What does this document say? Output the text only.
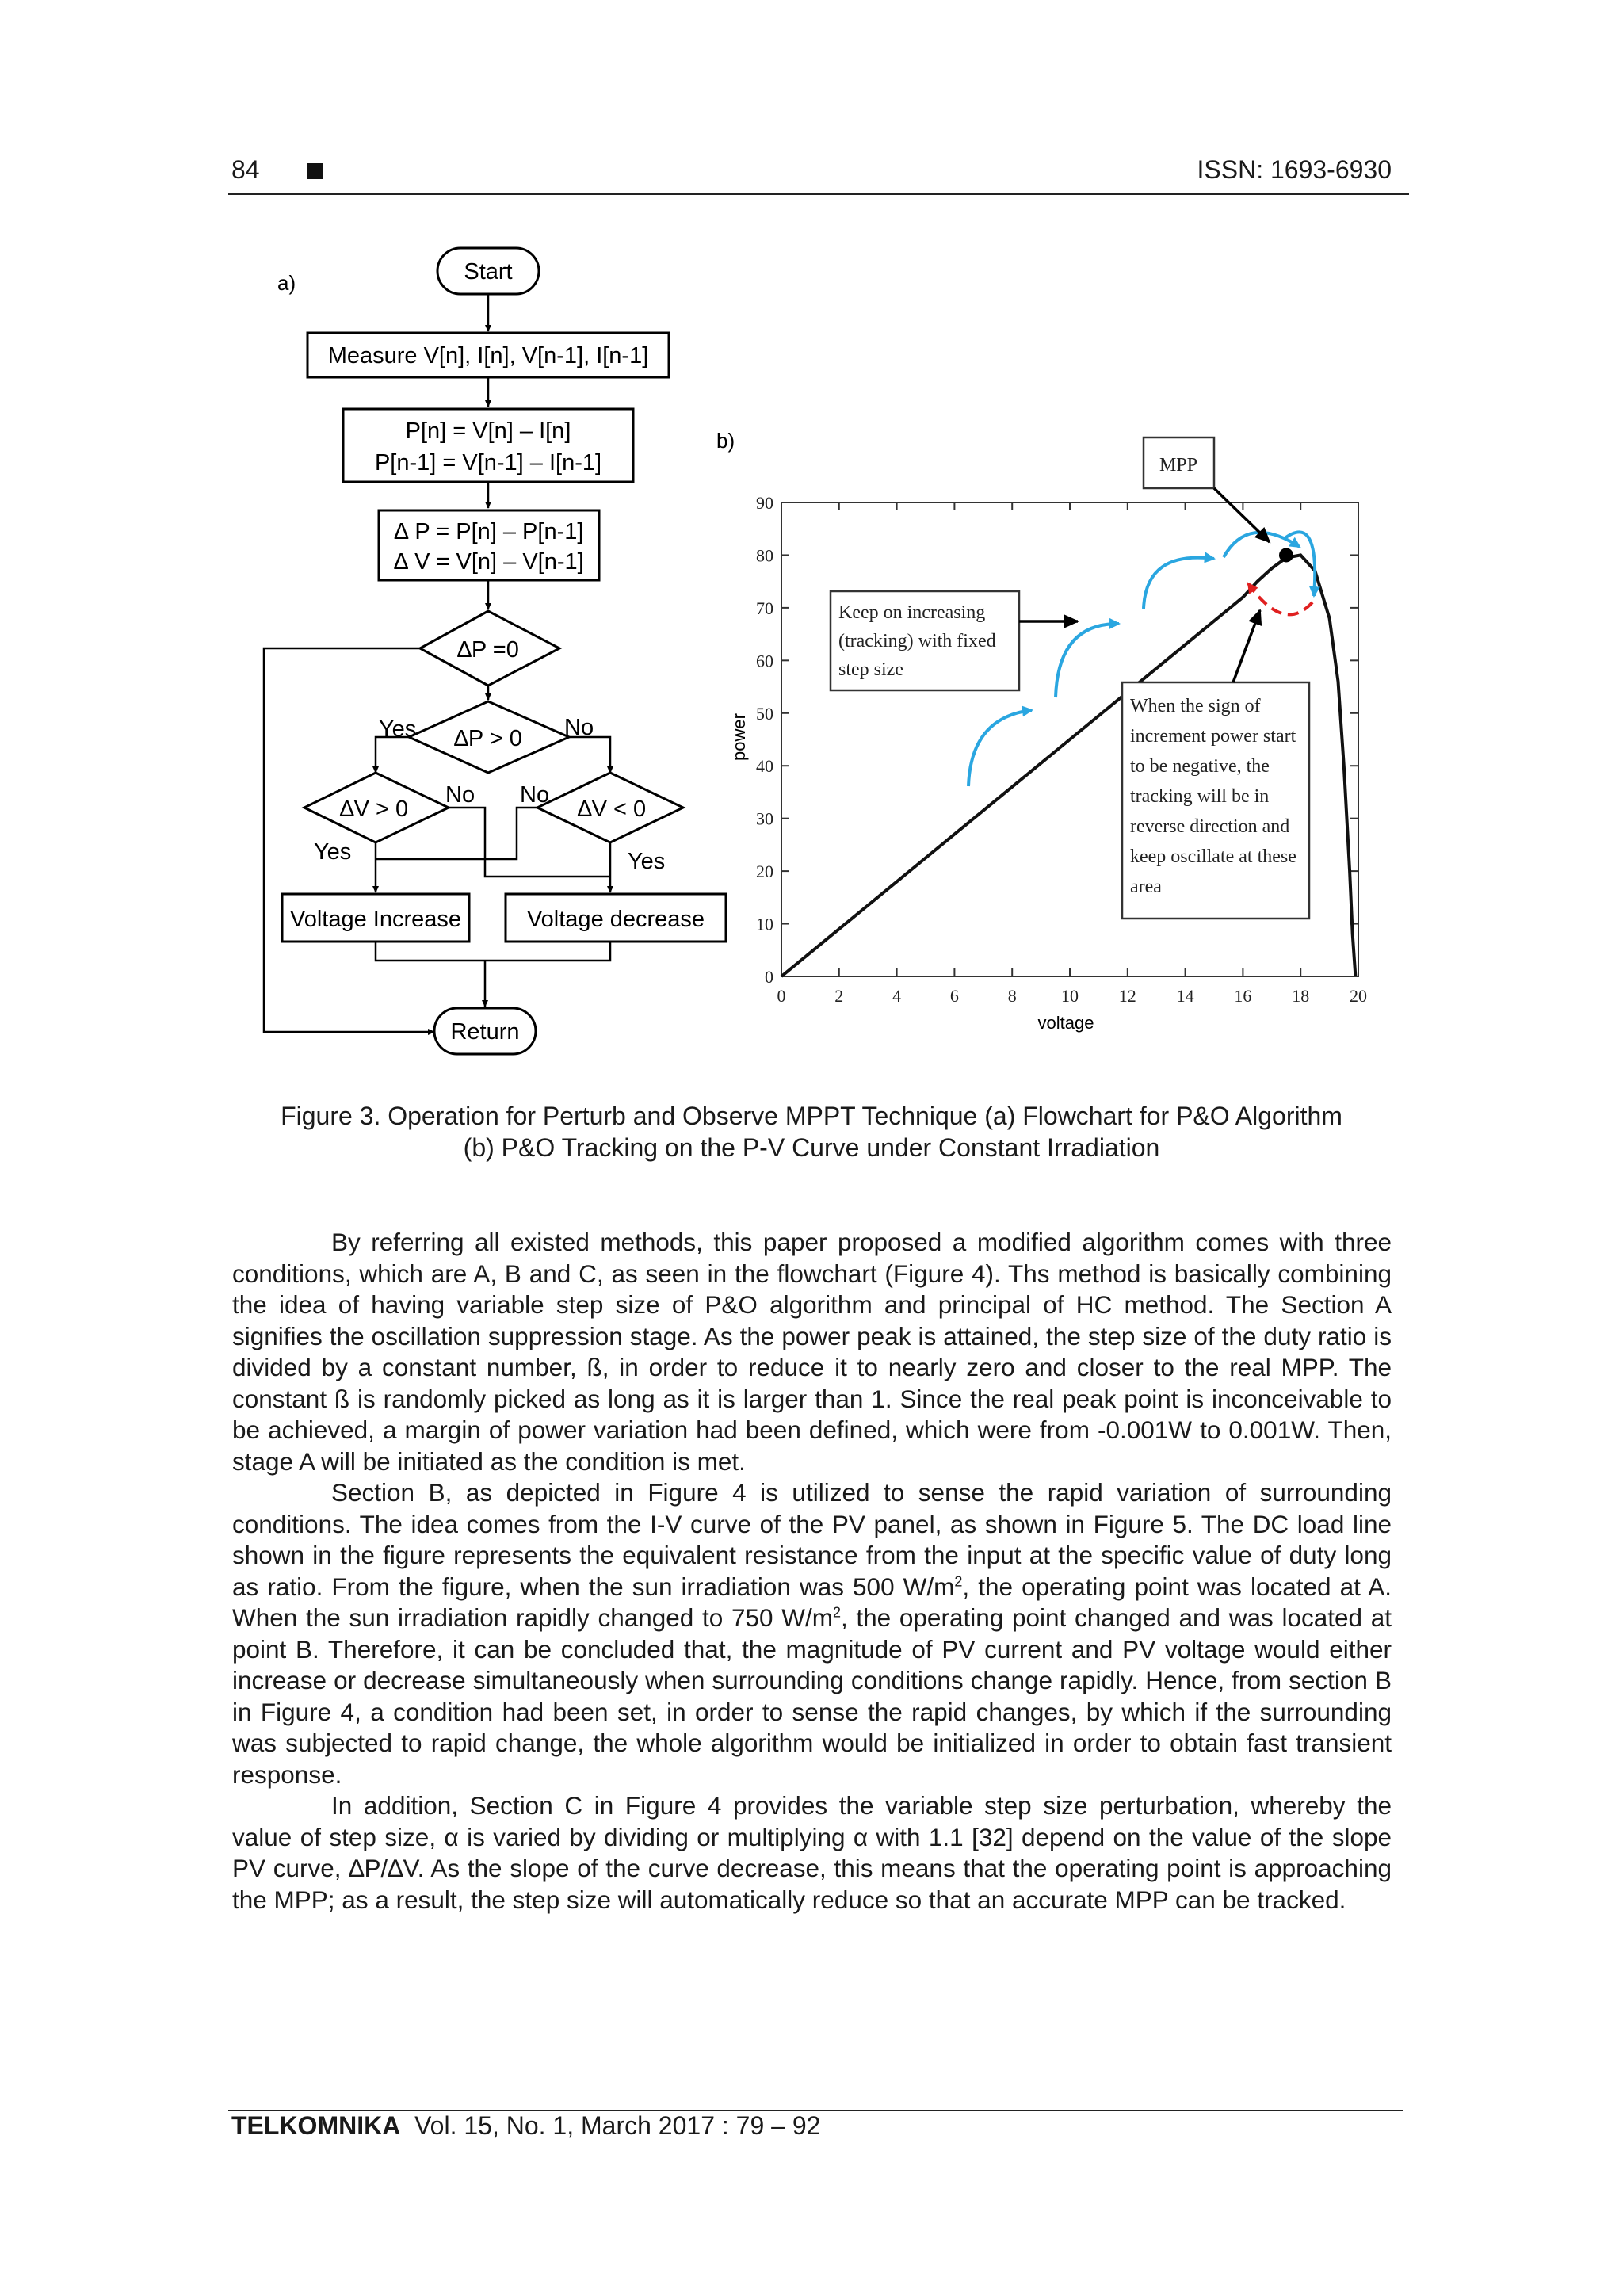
84	ISSN: 1693-6930
a)	Start
Measure V[n], I[n], V[n-1], I[n-1]
P[n] = V[n] – I[n]
P[n-1] = V[n-1] – I[n-1]
∆ P = P[n] – P[n-1]
∆ V = V[n] – V[n-1]
∆P =0
∆P > 0
Yes	No
∆V > 0	∆V < 0
No No
Yes	Yes
Voltage Increase	Voltage decrease
Return
b)
0
10
20
30
40
50
60
70
80
90
0	2	4	6	8	10 12 14 16 18 20
voltage
power
MPP
Keep on increasing (tracking) with fixed step size
When the sign of increment power start to be negative, the tracking will be in reverse direction and keep oscillate at these area
Figure 3. Operation for Perturb and Observe MPPT Technique (a) Flowchart for P&O Algorithm
(b) P&O Tracking on the P-V Curve under Constant Irradiation

By referring all existed methods, this paper proposed a modified algorithm comes with three conditions, which are A, B and C, as seen in the flowchart (Figure 4). Ths method is basically combining the idea of having variable step size of P&O algorithm and principal of HC method. The Section A signifies the oscillation suppression stage. As the power peak is attained, the step size of the duty ratio is divided by a constant number, ß, in order to reduce it to nearly zero and closer to the real MPP. The constant ß is randomly picked as long as it is larger than 1. Since the real peak point is inconceivable to be achieved, a margin of power variation had been defined, which were from -0.001W to 0.001W. Then, stage A will be initiated as the condition is met.

Section B, as depicted in Figure 4 is utilized to sense the rapid variation of surrounding conditions. The idea comes from the I-V curve of the PV panel, as shown in Figure 5. The DC load line shown in the figure represents the equivalent resistance from the input at the specific value of duty long as ratio. From the figure, when the sun irradiation was 500 $W/m^2$, the operating point was located at A. When the sun irradiation rapidly changed to 750 $W/m^2$, the operating point changed and was located at point B. Therefore, it can be concluded that, the magnitude of PV current and PV voltage would either increase or decrease simultaneously when surrounding conditions change rapidly. Hence, from section B in Figure 4, a condition had been set, in order to sense the rapid changes, by which if the surrounding was subjected to rapid change, the whole algorithm would be initialized in order to obtain fast transient response.

In addition, Section C in Figure 4 provides the variable step size perturbation, whereby the value of step size, α is varied by dividing or multiplying α with 1.1 [32] depend on the value of the slope PV curve, ∆P/∆V. As the slope of the curve decrease, this means that the operating point is approaching the MPP; as a result, the step size will automatically reduce so that an accurate MPP can be tracked.

TELKOMNIKA Vol. 15, No. 1, March 2017 : 79 – 92
